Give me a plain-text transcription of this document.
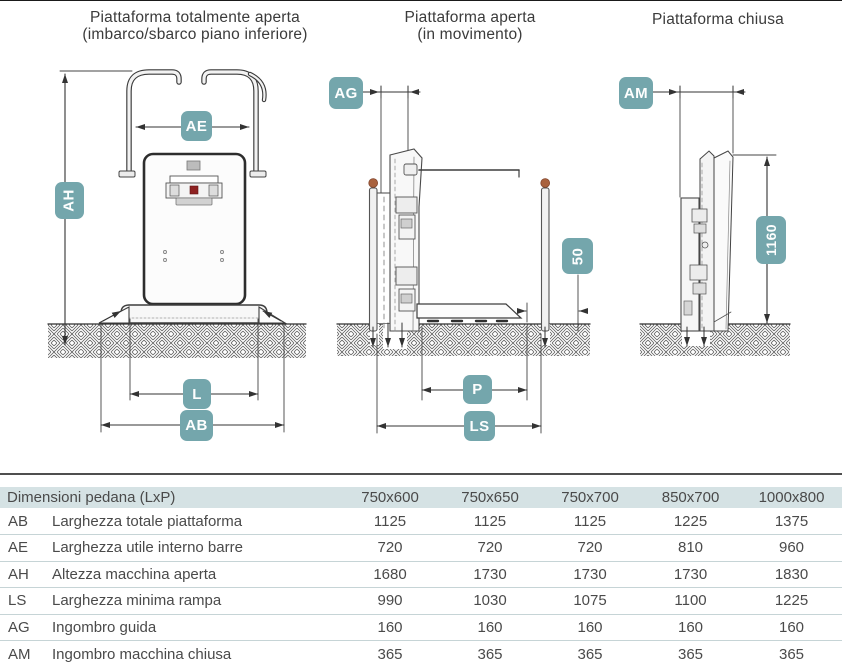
Piattaforma totalmente aperta
(imbarco/sbarco piano inferiore)
Piattaforma aperta
(in movimento)
Piattaforma chiusa
AE
AH
L
AB
AG
P
LS
50
AM
1160
Dimensioni pedana (LxP)		750x600	750x650	750x700	850x700	1000x800
AB	Larghezza totale piattaforma	1125	1125	1125	1225	1375
AE	Larghezza utile interno barre	720	720	720	810	960
AH	Altezza macchina aperta	1680	1730	1730	1730	1830
LS	Larghezza minima rampa	990	1030	1075	1100	1225
AG	Ingombro guida	160	160	160	160	160
AM	Ingombro macchina chiusa	365	365	365	365	365
